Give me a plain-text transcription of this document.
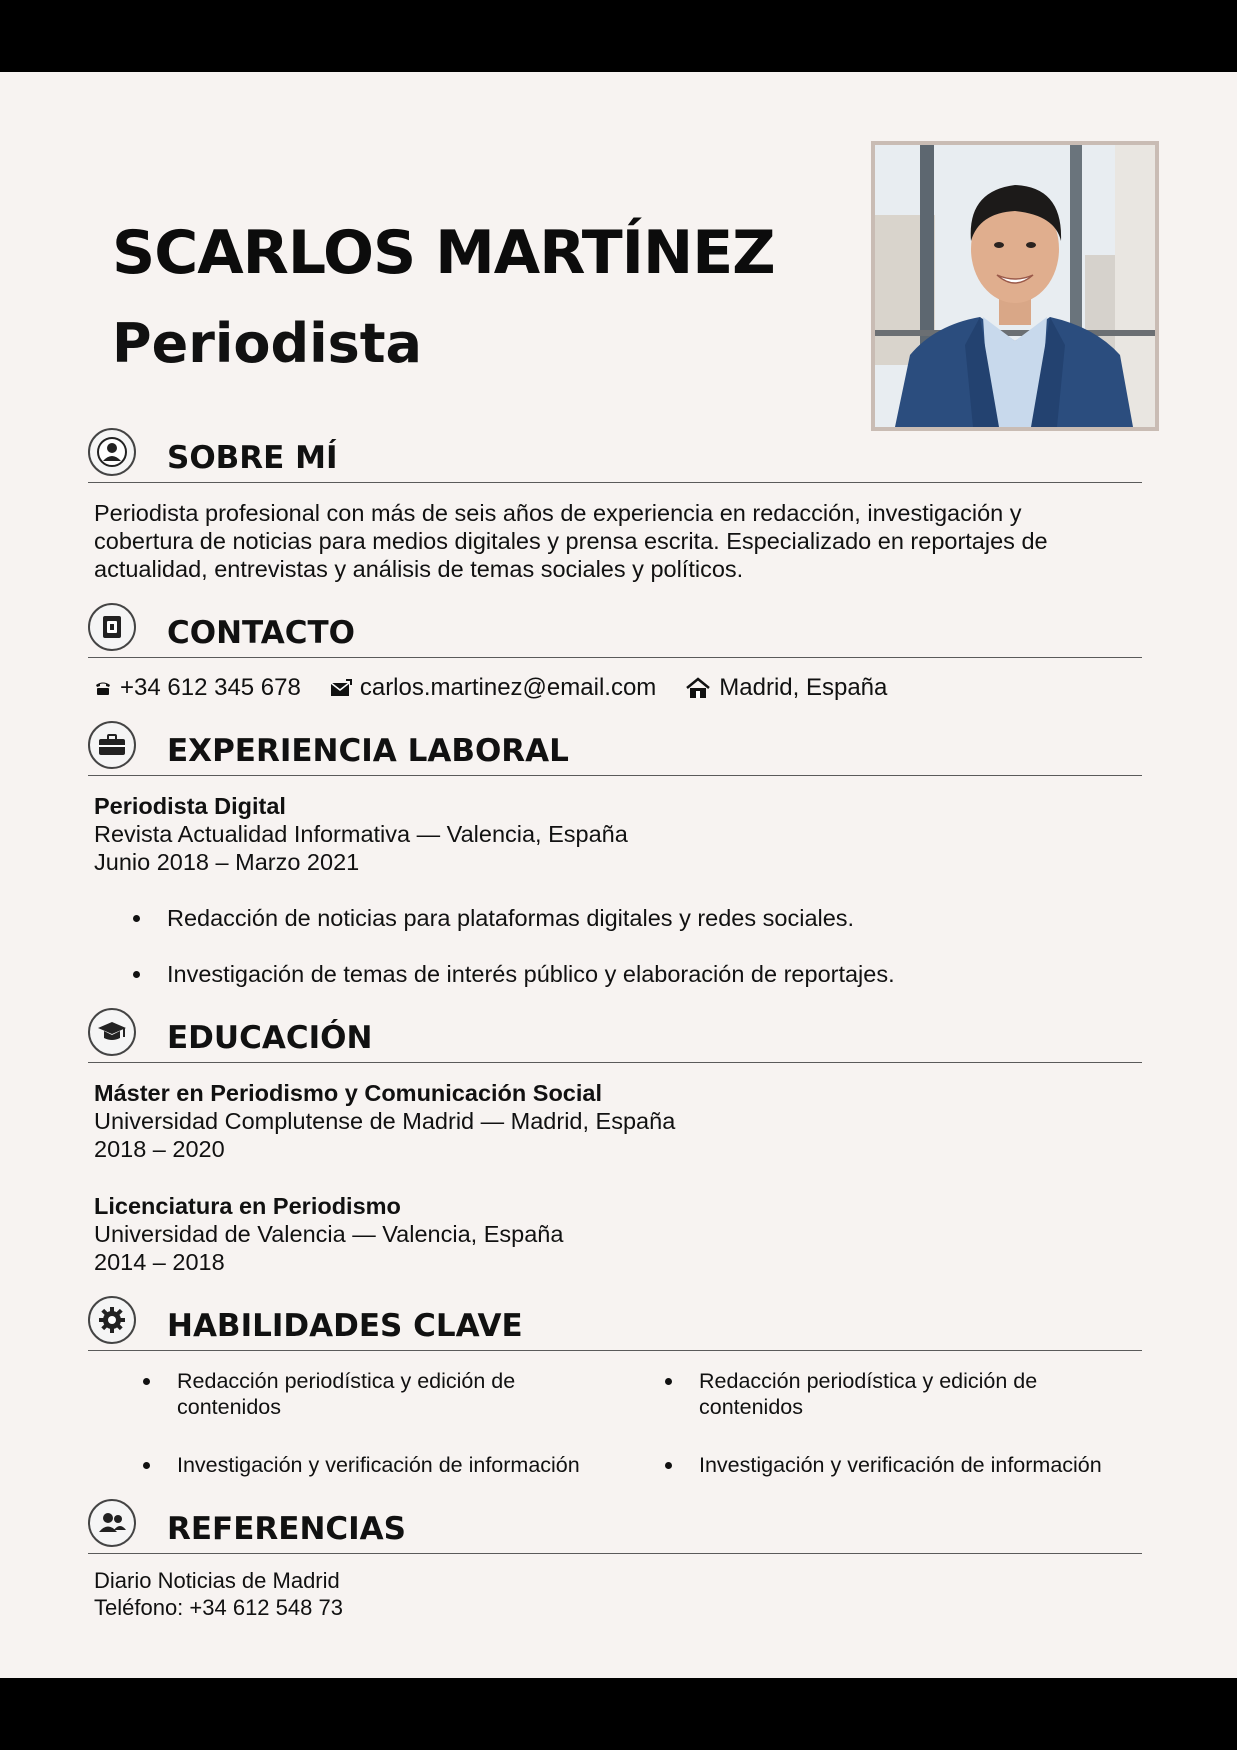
SCARLOS MARTÍNEZ
Periodista
SOBRE MÍ

Periodista profesional con más de seis años de experiencia en redacción, investigación y
cobertura de noticias para medios digitales y prensa escrita. Especializado en reportajes de
actualidad, entrevistas y análisis de temas sociales y políticos.

CONTACTO
+34 612 345 678 carlos.martinez@email.com	Madrid, España
EXPERIENCIA LABORAL

Periodista Digital
Revista Actualidad Informativa — Valencia, España
Junio 2018 – Marzo 2021

Redacción de noticias para plataformas digitales y redes sociales.
Investigación de temas de interés público y elaboración de reportajes.
EDUCACIÓN

Máster en Periodismo y Comunicación Social
Universidad Complutense de Madrid — Madrid, España
2018 – 2020

Licenciatura en Periodismo
Universidad de Valencia — Valencia, España
2014 – 2018

HABILIDADES CLAVE
Redacción periodística y edición de
contenidos
Redacción periodística y edición de
contenidos
Investigación y verificación de información	Investigación y verificación de información
REFERENCIAS

Diario Noticias de Madrid
Teléfono: +34 612 548 73
